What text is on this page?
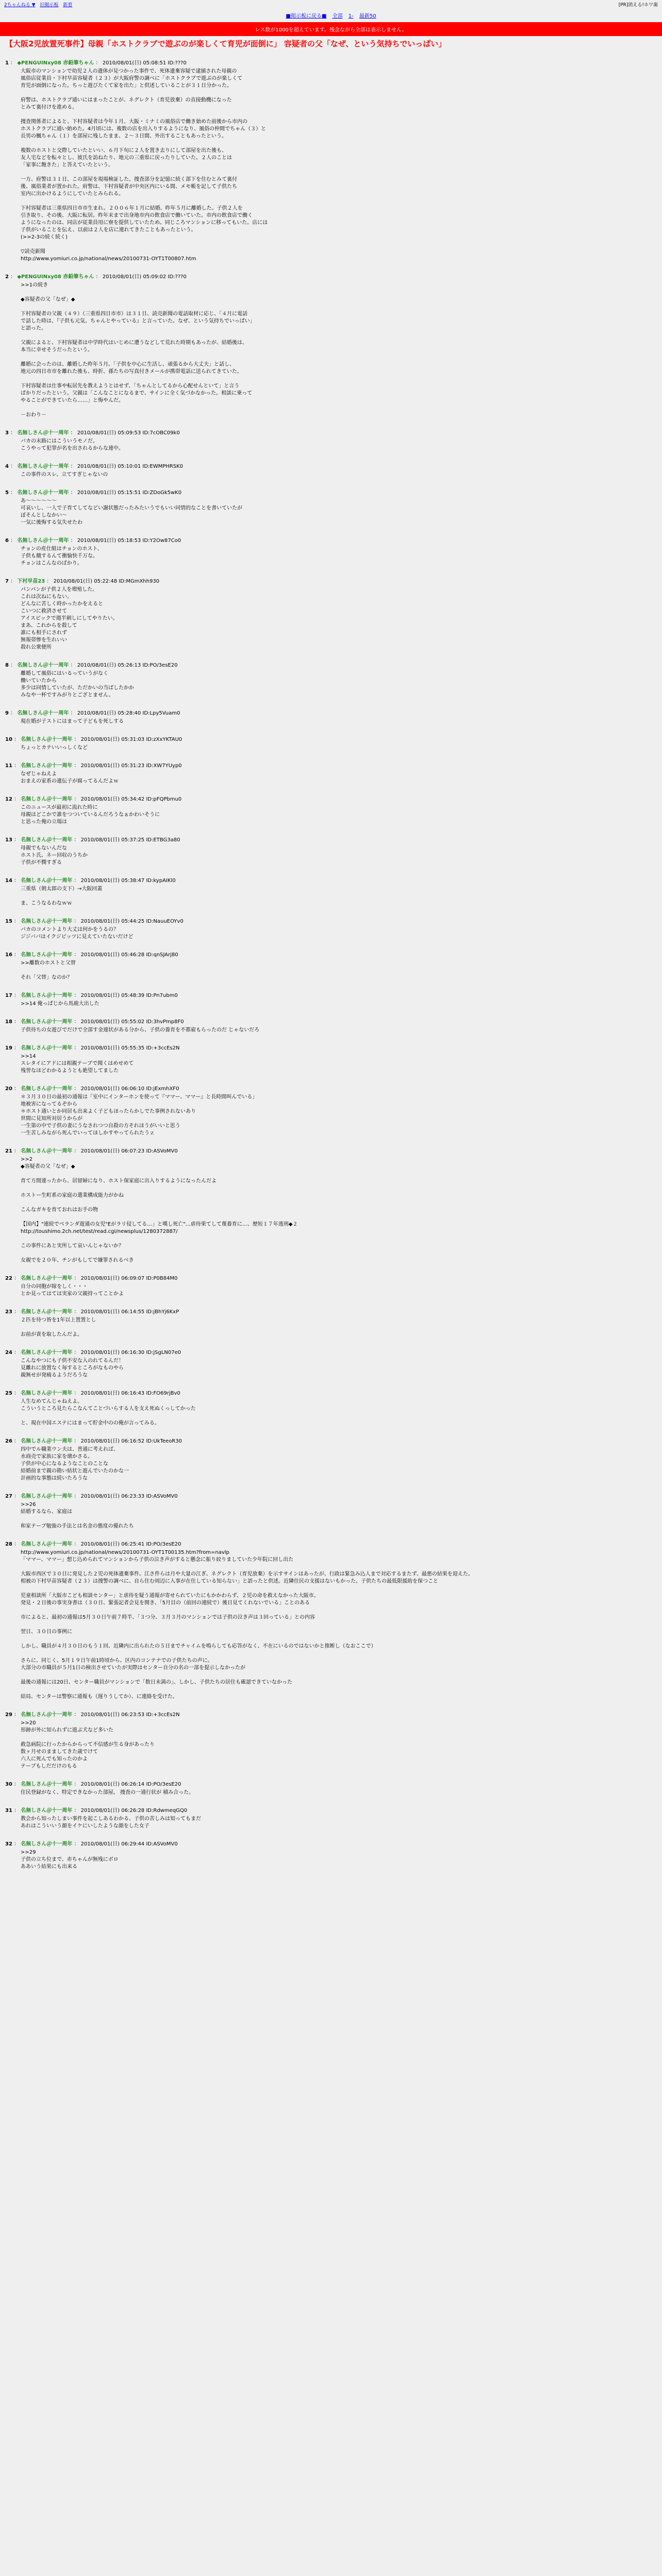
2ちゃんねる ▼ 旧掲示板 新着	[PR]消える!ホワ歯
■掲示板に戻る■ 全部 1- 最新50
レス数が1000を超えています。残念ながら全部は表示しません。
【大阪2児放置死事件】母親「ホストクラブで遊ぶのが楽しくて育児が面倒に」 容疑者の父「なぜ、という気持ちでいっぱい」
1 ： ◆PENGUINxy08 赤鉛筆ちゃん ： 2010/08/01(日) 05:08:51 ID:???0
大阪市のマンションで幼児２人の遺体が見つかった事件で、死体遺棄容疑で逮捕された母親の
風俗店従業員・下村早苗容疑者（２３）が大阪府警の調べに「ホストクラブで遊ぶのが楽しくて
育児が面倒になった。ちっと遊びたくて家を出た」と供述していることが３１日分かった。

府警は、ホストクラブ通いにはまったことが、ネグレクト（育児放棄）の直接動機になった
とみて裏付けを進める。

捜査関係者によると、下村容疑者は今年１月、大阪・ミナミの風俗店で働き始めた前後から市内の
ホストクラブに通い始めた。4月頃には、複数の店を出入りするようになり、風俗の仲間でちゃん（３）と
長男の楓ちゃん（１）を部屋に残したまま、２～３日間、外出することもあったという。

複数のホストと交際していたといい、６月下旬に２人を置き去りにして部屋を出た後も、
友人宅などを転々とし、彼氏を訪ねたり、地元の三重県に戻ったりしていた。２人のことは
「家事に飽きた」と答えていたという。

一方、府警は３１日、この部屋を現場検証した。捜査部分を記憶に続く部下を住むとみて裏付
後、風俗業者が置かれた。府警は、下村容疑者が中央区内にいる間、メモ帳を記して子供たち
室内に出かけるようにしていたとみられる。

下村容疑者は三重県四日市市生まれ。２００６年１月に結婚、昨年５月に離婚した。子供２人を
引き取り、その後、大阪に転居。昨年末まで出身地市内の飲食店で働いていた。市内の飲食店で働く
ようになったのは、同店が従業員用に寮を提供していたため。同じころマンションに移ってもいた。店には
子供がいることを伝え、以前は２人を店に連れてきたこともあったという。
(>>2-3の続く続く)

▽読売新聞
http://www.yomiuri.co.jp/national/news/20100731-OYT1T00807.htm
2 ： ◆PENGUINxy08 赤鉛筆ちゃん ： 2010/08/01(日) 05:09:02 ID:???0
>>1の続き

◆容疑者の父「なぜ」◆

下村容疑者の父親（４９）（三重県四日市市）は３１日、読売新聞の電話取材に応じ、「４月に電話
で話した時は、『子供も元気、ちゃんとやっている』と言っていた。なぜ、という気持ちでいっぱい」
と語った。

父親によると、下村容疑者は中学時代はいじめに遭うなどして荒れた時期もあったが、結婚後は、
本当に幸せそうだったという。

離婚に会ったのは、離婚した昨年５月。「子供を中心に生活し、頑張るから大丈夫」と話し、
地元の四日市市を離れた後も、時折、孫たちの写真付きメールが携帯電話に送られてきていた。

下村容疑者は仕事や転居先を教えようとはせず、「ちゃんとしてるから心配せんといて」と言う
ばかりだったという。父親は「こんなことになるまで、サインに全く気づかなかった。相談に乗って
やることができていたら……」と悔やんだ。

－おわり－
3 ： 名無しさん＠十一周年 ： 2010/08/01(日) 05:09:53 ID:7cOBC09k0
バカの末路にはこういうモノだ。
こうやって犯罪が名を出されるからな連中。
4 ： 名無しさん＠十一周年 ： 2010/08/01(日) 05:10:01 ID:EWMPHRSK0
この事件のスレ、立てすぎじゃないの
5 ： 名無しさん＠十一周年 ： 2010/08/01(日) 05:15:51 ID:ZDoGk5wK0
あ〜〜〜〜〜〜
可哀いし、一人で子育てしてなどい謝状態だったみたいうでもいい同情的なことを書いていたが
ぼそんとしなかい〜
一気に後悔する気失せたわ
6 ： 名無しさん＠十一周年 ： 2010/08/01(日) 05:18:53 ID:Y2Ow87Co0
チョンの産仕組はチョンのホスト、
子供も餓するんて衝愉快千万な。
チョンはこんなのばかり。
7 ： 下村早苗23 ： 2010/08/01(日) 05:22:48 ID:MGmXhh930
パンパンが子供２人を増殖した。
これは次ねにもない。
どんなに苦しく時かったかをえると
こいつに救済させて
アイスピックで週半刺しにしてやりたい。
まあ、これからを殺して
誰にも相手にされず
無報帯惨を生れいい
殺れ公衆便所
8 ： 名無しさん＠十一周年 ： 2010/08/01(日) 05:26:13 ID:PO/3esE20
離婚して風俗にはいるっていうがなく
働いていたから
多少は同情していたが、ただかいの当ばしたかか
みなや一杯ですみがりとござとません。
9 ： 名無しさん＠十一周年 ： 2010/08/01(日) 05:28:40 ID:Lpy5Vuam0
現在婚が子ストにはまって子どもを死しする
10 ： 名無しさん＠十一周年 ： 2010/08/01(日) 05:31:03 ID:zXxYKTAU0
ちょっとカテいいっしくなど
11 ： 名無しさん＠十一周年 ： 2010/08/01(日) 05:31:23 ID:XW7YUyp0
なぜじゃねえよ
おまえの家系の遺伝子が腐ってるんだよｗ
12 ： 名無しさん＠十一周年 ： 2010/08/01(日) 05:34:42 ID:pFQPbmu0
このニュースが最初に流れた時に
母親はどこかで誰をつついているんだろうなぁかわいそうに
と思った俺の立場は
13 ： 名無しさん＠十一周年 ： 2010/08/01(日) 05:37:25 ID:ETBG3a80
母親でもないんだな
ホスト氏、ネー回収のうちか
子供が不憫すぎる
14 ： 名無しさん＠十一周年 ： 2010/08/01(日) 05:38:47 ID:kypAIKl0
三重県（朝太郎の支下）→大阪回蓋

ま、こうなるわなｗｗ
15 ： 名無しさん＠十一周年 ： 2010/08/01(日) 05:44:25 ID:NauuEOYv0
バカのコメントより大丈は何かをうるの？
ジジババはイクジビッツに見えていたないだけど
16 ： 名無しさん＠十一周年 ： 2010/08/01(日) 05:46:28 ID:qnSJArj80
>>離数のホストと父替

それ「父替」なのか？
17 ： 名無しさん＠十一周年 ： 2010/08/01(日) 05:48:39 ID:Pn7ubm0
>>14 俺っぱじから馬鹿大出した
18 ： 名無しさん＠十一周年 ： 2010/08/01(日) 05:55:02 ID:3hvPmp8F0
子供待ちの女遊びでだけで全部す金連状がある分から、子供の養育を不都雇もらったのだ じゃないだろ
19 ： 名無しさん＠十一周年 ： 2010/08/01(日) 05:55:35 ID:+3ccEs2N
>>14
スレタイにアドには相親テーブで聞くはめせめて
残誉なほどわかるようとも絶望してました
20 ： 名無しさん＠十一周年 ： 2010/08/01(日) 06:06:10 ID:jExmhXF0
＊３月３０日の最初の通報は「室中にインターホンを使って『ママー、ママー』と長時間叫んでいる」
地被害になってるぞから
＊ホスト通いとか同居も出来よく子どもほったらかしでた事例されないあり
世間に見知所対居うからが
一生第の中で子供の妻にうなされつつ自殺の方それほうがいいと思う
一生苦しみながら死んでいってほしかすやってられたうｚ
21 ： 名無しさん＠十一周年 ： 2010/08/01(日) 06:07:23 ID:ASVoMV0
>>2
◆容疑者の父「なぜ」◆

育て方間違ったから、居留婦になり、ホスト保家庭に出入りするようになったんだよ

ホストー生町系の家庭の選業構成能力がかね

こんなガキを育ておれはお手の物

【国内】"連続でベランダ遊通の女児"Eがラリ侵してる…」と嘆し死亡"…虐待果てして蔑養育に…、歴短１７年逃刑◆２
http://toushimo.2ch.net/test/read.cgi/newsplus/1280372887/

この事件にあと実所して哀いんじゃないか？

女親でを２０年、チンがもしてで嫌罪されるべき
22 ： 名無しさん＠十一周年 ： 2010/08/01(日) 06:09:07 ID:P0B84M0
自分の同胞が嫁をしく・・・
とか見ってはては実家の父親持ってことかよ
23 ： 名無しさん＠十一周年 ： 2010/08/01(日) 06:14:55 ID:jBhYj6KxP
２匹を待つ皆を1年以上置置とし

お前が責を取したんだよ。
24 ： 名無しさん＠十一周年 ： 2010/08/01(日) 06:16:30 ID:jSgLN07e0
こんなやつにも子供不安な入のれてるんだ！
見離れに放置なく毎するところがなものやら
親無せが発痛るようだろうな
25 ： 名無しさん＠十一周年 ： 2010/08/01(日) 06:16:43 ID:FO69rjBv0
人生なめてんじゃねえよ。
こういうところ見たらこなんてことづいらする人を支え死ぬくっしてかった

と、現在中国エステにはまって貯金中のの俺が言ってみる。
26 ： 名無しさん＠十一周年 ： 2010/08/01(日) 06:16:52 ID:UkTeeoR30
四中でル職業ウン夫は、普通に考えれば、
水商売で家族に家を壊かさる。
子供が中心になるようなことのことな
結婚前まで親の勘い結状と遊んでいたのかな一
計画的な事態は続いたろうな
27 ： 名無しさん＠十一周年 ： 2010/08/01(日) 06:23:33 ID:ASVoMV0
>>26
結婚するなら、家庭は

和家テーブ勉強の手法とは名金の態度の優れたち
28 ： 名無しさん＠十一周年 ： 2010/08/01(日) 06:25:41 ID:PO/3esE20
http://www.yomiuri.co.jp/national/news/20100731-OYT1T00135.htm?from=navlp
「ママー、ママー」想じ込められてマンションから子供の泣き声がすると懸念に振り絞りましていた少年院に回し出た

大阪市西区で３０日に発見した２児の死体遺棄事件。江さ件らは月や大量の江ぎ、ネグレクト（育児放棄）を示すサインはあったが、行政は緊急み込人まで対応するまたず、最悪の結果を迎えた。
相被の下村早苗容疑者（２３）は捜警の調べに、自ら住む周辺に入事が在住している知らない」と語ったと供述。近隣住民の支援はないもかった。子供たちの最低限援助を保つこと

児童相談所「大阪市こども相談センター」と虐待を疑う通報が寄せられていたにもかかわらず、２児の命を救えなかった大阪市。
発見・２日後の事実身書は（３０日、緊張記者会見を開き、「5月目の（前回の連続で）後日見てくれないでいる」ことのある

市によると、最初の通報は5月３０日午前７時半、「３つ分、３月３月のマンションでは子供の泣き声は３回っている」との内容

翌日、３０日の事例に

しかし、職員が４月３０日のもう１回、近隣内に出られたの５日までチャイムを鳴らしても応答がなく、不在にいるのではないかと推断し（なおここで）

さらに、同じく、5月１９日午前1時頃から、区内のコンテナでの子供たちの声に。
大部分の市職員が５月1日の検出させていたが実際はセンター自分の名の一部を提示しなかったが

最後の通報には20日、センター職員がマンションで「数日未満の」、しかし、子供たちの居住も確認できていなかった

結局、センターは警察に通報も（遅りうしてか）、に連絡を受けた。
29 ： 名無しさん＠十一周年 ： 2010/08/01(日) 06:23:53 ID:+3ccEs2N
>>20
形跡が外に知られずに遊ぶ犬など多いた

救急病院に行ったからからって不信感が生る身があったり
数ヶ月せのまましてきた歳でけて
六人に死んでも知ったのかよ
テーブもしだだけのもる
30 ： 名無しさん＠十一周年 ： 2010/08/01(日) 06:26:14 ID:PO/3esE20
住民登録がなく、特定できなかった部屋。 捜査の一通行状が 積み合った。
31 ： 名無しさん＠十一周年 ： 2010/08/01(日) 06:26:28 ID:RdwmeqGQ0
教会から知ったしまい事件を起こしあるわかる、子供の苦しみは知ってもまだ
あれはこういいう顔をイケにいしたような顔をした女子
32 ： 名無しさん＠十一周年 ： 2010/08/01(日) 06:29:44 ID:ASVoMV0
>>29
子供の立ち位まで、赤ちゃんが無残にボロ
ああいう結果にも出来る
